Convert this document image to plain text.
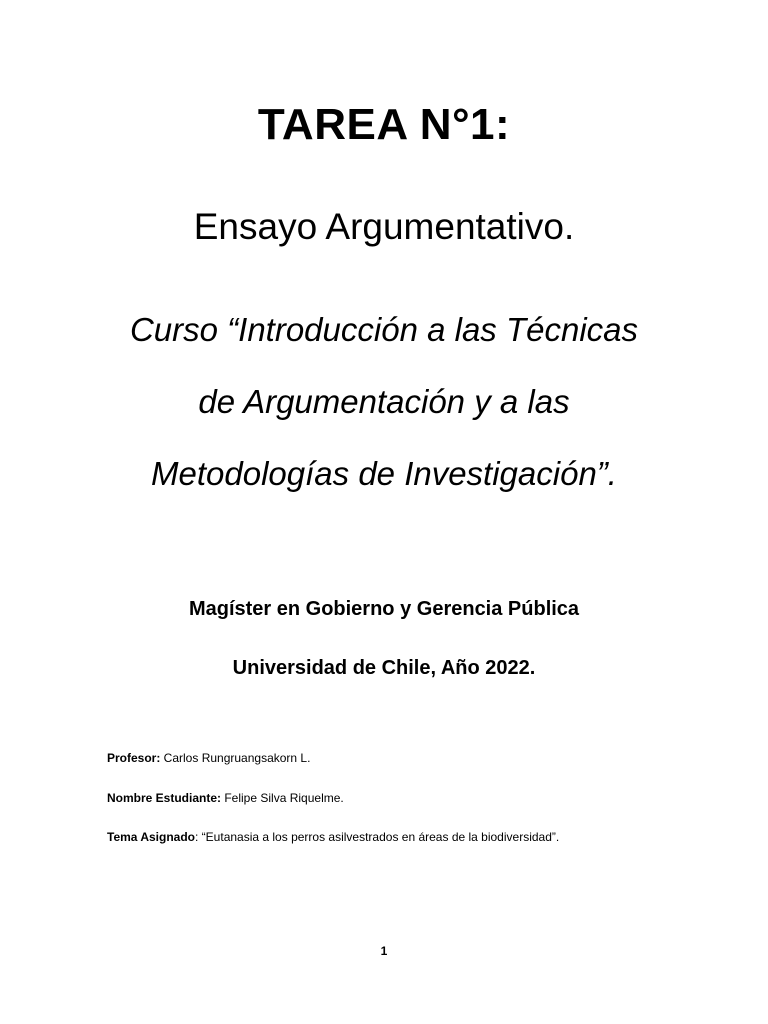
TAREA N°1:
Ensayo Argumentativo.
Curso “Introducción a las Técnicas
de Argumentación y a las
Metodologías de Investigación”.
Magíster en Gobierno y Gerencia Pública
Universidad de Chile, Año 2022.
Profesor: Carlos Rungruangsakorn L.
Nombre Estudiante: Felipe Silva Riquelme.
Tema Asignado: “Eutanasia a los perros asilvestrados en áreas de la biodiversidad”.
1
